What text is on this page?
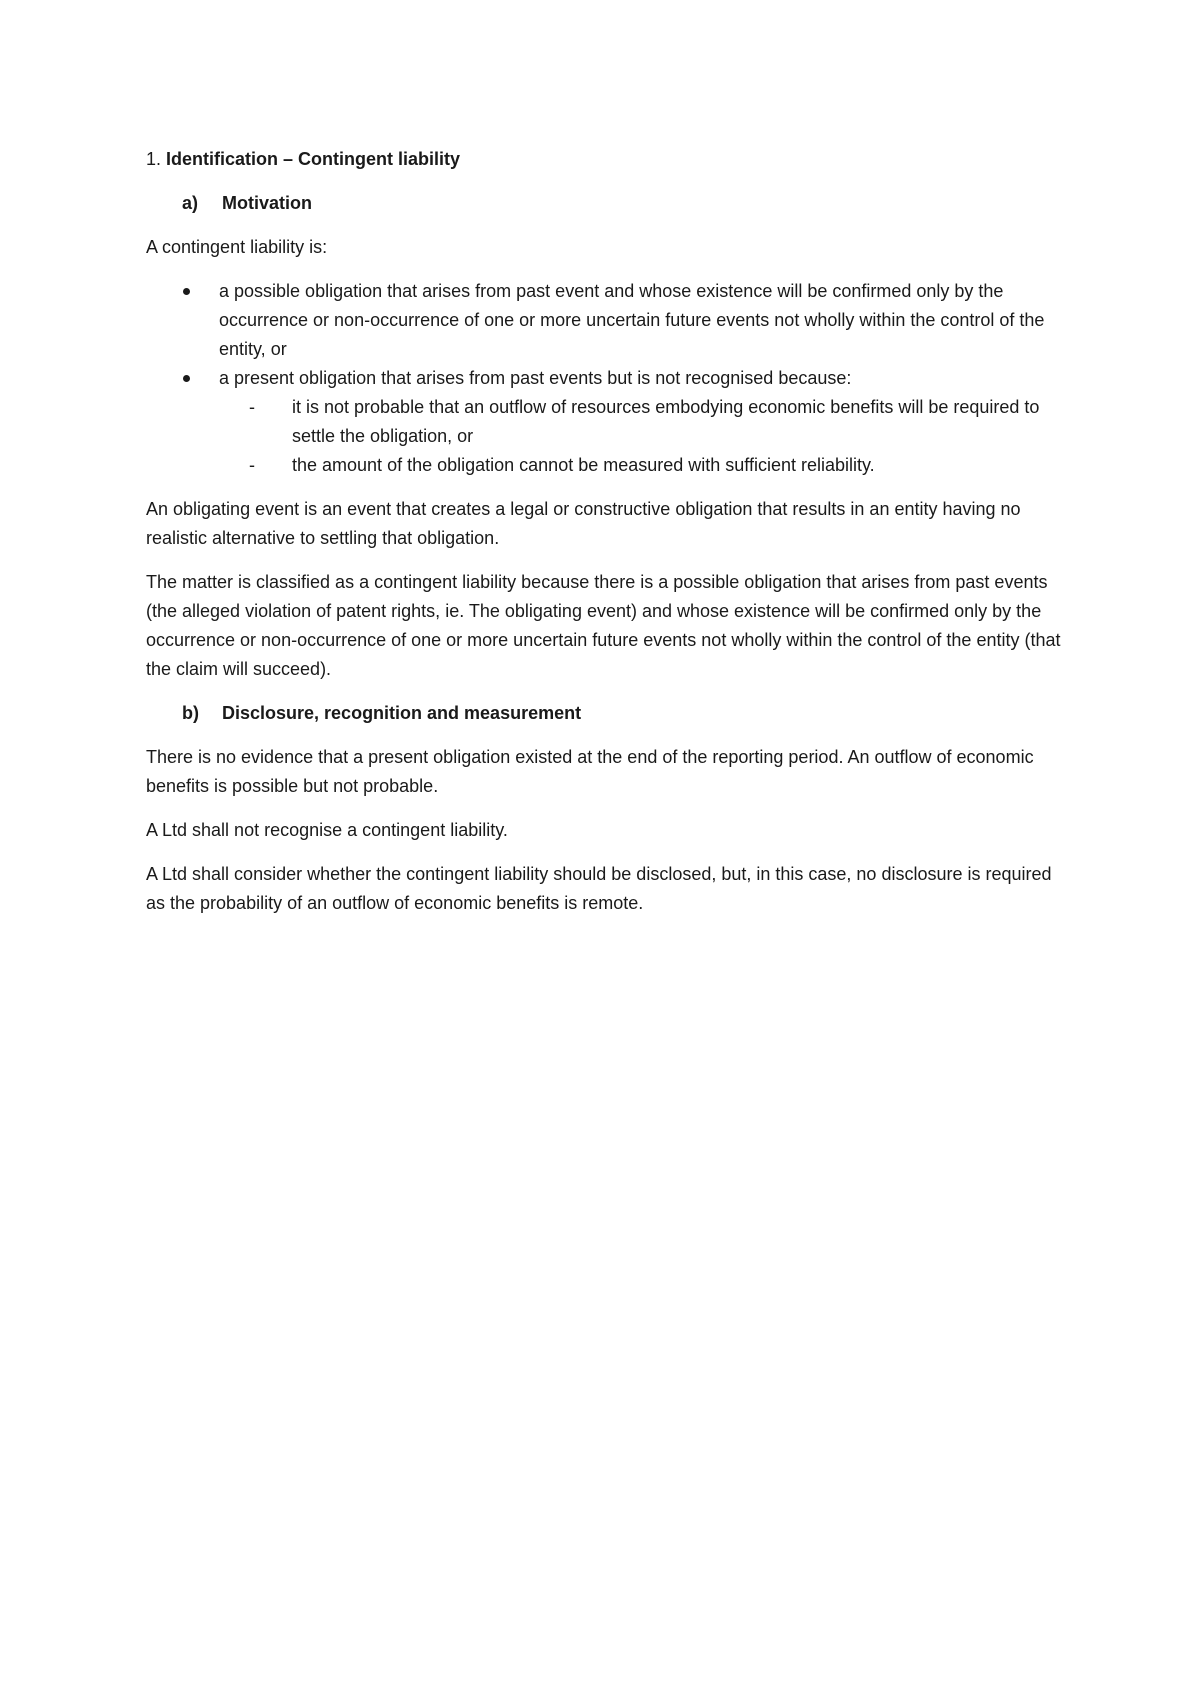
1. Identification – Contingent liability
a)	Motivation

A contingent liability is:

a possible obligation that arises from past event and whose existence will be confirmed only by the occurrence or non-occurrence of one or more uncertain future events not wholly within the control of the entity, or
a present obligation that arises from past events but is not recognised because:
- it is not probable that an outflow of resources embodying economic benefits will be required to settle the obligation, or
- the amount of the obligation cannot be measured with sufficient reliability.

An obligating event is an event that creates a legal or constructive obligation that results in an entity having no realistic alternative to settling that obligation.

The matter is classified as a contingent liability because there is a possible obligation that arises from past events (the alleged violation of patent rights, ie. The obligating event) and whose existence will be confirmed only by the occurrence or non-occurrence of one or more uncertain future events not wholly within the control of the entity (that the claim will succeed).

b)	Disclosure, recognition and measurement

There is no evidence that a present obligation existed at the end of the reporting period. An outflow of economic benefits is possible but not probable.

A Ltd shall not recognise a contingent liability.

A Ltd shall consider whether the contingent liability should be disclosed, but, in this case, no disclosure is required as the probability of an outflow of economic benefits is remote.
